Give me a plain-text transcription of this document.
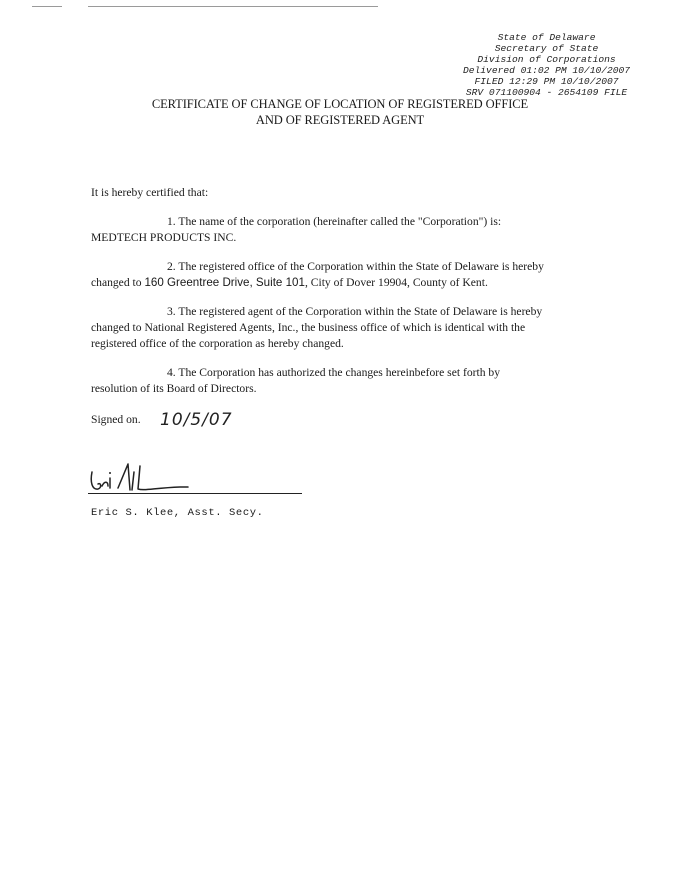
State of Delaware
Secretary of State
Division of Corporations
Delivered 01:02 PM 10/10/2007
FILED 12:29 PM 10/10/2007
SRV 071100904 - 2654109 FILE
CERTIFICATE OF CHANGE OF LOCATION OF REGISTERED OFFICE
AND OF REGISTERED AGENT
It is hereby certified that:
1. The name of the corporation (hereinafter called the "Corporation") is:
MEDTECH PRODUCTS INC.
2. The registered office of the Corporation within the State of Delaware is hereby
changed to 160 Greentree Drive, Suite 101, City of Dover 19904, County of Kent.
3. The registered agent of the Corporation within the State of Delaware is hereby
changed to National Registered Agents, Inc., the business office of which is identical with the
registered office of the corporation as hereby changed.
4. The Corporation has authorized the changes hereinbefore set forth by
resolution of its Board of Directors.
Signed on.	10/5/07
Eric S. Klee, Asst. Secy.
